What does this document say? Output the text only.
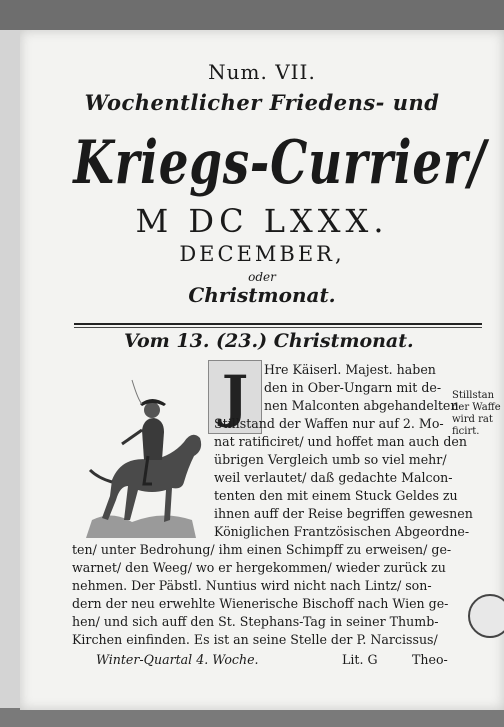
Num. VII.
Wochentlicher Friedens- und
Kriegs-Currier/
M DC LXXX.
DECEMBER,
oder
Christmonat.
Vom 13. (23.) Christmonat.
J	Hre Käiserl. Majest. haben
den in Ober-Ungarn mit de-
nen Malconten abgehandelten
Stillstand der Waffen nur auf 2. Mo-
nat ratificiret/ und hoffet man auch den
übrigen Vergleich umb so viel mehr/
weil verlautet/ daß gedachte Malcon-
tenten den mit einem Stuck Geldes zu
ihnen auff der Reise begriffen gewesnen
Königlichen Frantzösischen Abgeordne-
ten/ unter Bedrohung/ ihm einen Schimpff zu erweisen/ ge-
warnet/ den Weeg/ wo er hergekommen/ wieder zurück zu
nehmen. Der Päbstl. Nuntius wird nicht nach Lintz/ son-
dern der neu erwehlte Wienerische Bischoff nach Wien ge-
hen/ und sich auff den St. Stephans-Tag in seiner Thumb-
Kirchen einfinden. Es ist an seine Stelle der P. Narcissus/
Winter-Quartal 4. Woche.	Lit. G	Theo-
Stillstan
der Waffe
wird rat
ficirt.
